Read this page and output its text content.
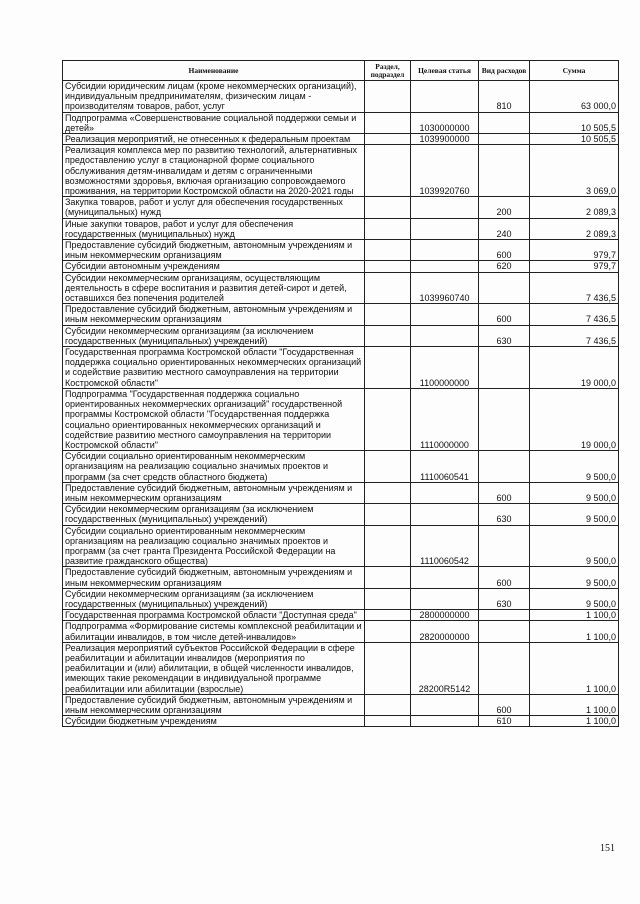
Наименование	Раздел, подраздел	Целевая статья	Вид расходов	Сумма
Субсидии юридическим лицам (кроме некоммерческих организаций), индивидуальным предпринимателям, физическим лицам - производителям товаров, работ, услуг			810	63 000,0
Подпрограмма «Совершенствование социальной поддержки семьи и детей»		1030000000		10 505,5
Реализация мероприятий, не отнесенных к федеральным проектам		1039900000		10 505,5
Реализация комплекса мер по развитию технологий, альтернативных предоставлению услуг в стационарной форме социального обслуживания детям-инвалидам и детям с ограниченными возможностями здоровья, включая организацию сопровождаемого проживания, на территории Костромской области на 2020-2021 годы		1039920760		3 069,0
Закупка товаров, работ и услуг для обеспечения государственных (муниципальных) нужд			200	2 089,3
Иные закупки товаров, работ и услуг для обеспечения государственных (муниципальных) нужд			240	2 089,3
Предоставление субсидий бюджетным, автономным учреждениям и иным некоммерческим организациям			600	979,7
Субсидии автономным учреждениям			620	979,7
Субсидии некоммерческим организациям, осуществляющим деятельность в сфере воспитания и развития детей-сирот и детей, оставшихся без попечения родителей		1039960740		7 436,5
Предоставление субсидий бюджетным, автономным учреждениям и иным некоммерческим организациям			600	7 436,5
Субсидии некоммерческим организациям (за исключением государственных (муниципальных) учреждений)			630	7 436,5
Государственная программа Костромской области "Государственная поддержка социально ориентированных некоммерческих организаций и содействие развитию местного самоуправления на территории Костромской области"		1100000000		19 000,0
Подпрограмма "Государственная поддержка социально ориентированных некоммерческих организаций" государственной программы Костромской области "Государственная поддержка социально ориентированных некоммерческих организаций и содействие развитию местного самоуправления на территории Костромской области"		1110000000		19 000,0
Субсидии социально ориентированным некоммерческим организациям на реализацию социально значимых проектов и программ (за счет средств областного бюджета)		1110060541		9 500,0
Предоставление субсидий бюджетным, автономным учреждениям и иным некоммерческим организациям			600	9 500,0
Субсидии некоммерческим организациям (за исключением государственных (муниципальных) учреждений)			630	9 500,0
Субсидии социально ориентированным некоммерческим организациям на реализацию социально значимых проектов и программ (за счет гранта Президента Российской Федерации на развитие гражданского общества)		1110060542		9 500,0
Предоставление субсидий бюджетным, автономным учреждениям и иным некоммерческим организациям			600	9 500,0
Субсидии некоммерческим организациям (за исключением государственных (муниципальных) учреждений)			630	9 500,0
Государственная программа Костромской области "Доступная среда"		2800000000		1 100,0
Подпрограмма «Формирование системы комплексной реабилитации и абилитации инвалидов, в том числе детей-инвалидов»		2820000000		1 100,0
Реализация мероприятий субъектов Российской Федерации в сфере реабилитации и абилитации инвалидов (мероприятия по реабилитации и (или) абилитации, в общей численности инвалидов, имеющих такие рекомендации в индивидуальной программе реабилитации или абилитации (взрослые)		28200R5142		1 100,0
Предоставление субсидий бюджетным, автономным учреждениям и иным некоммерческим организациям			600	1 100,0
Субсидии бюджетным учреждениям			610	1 100,0
151
